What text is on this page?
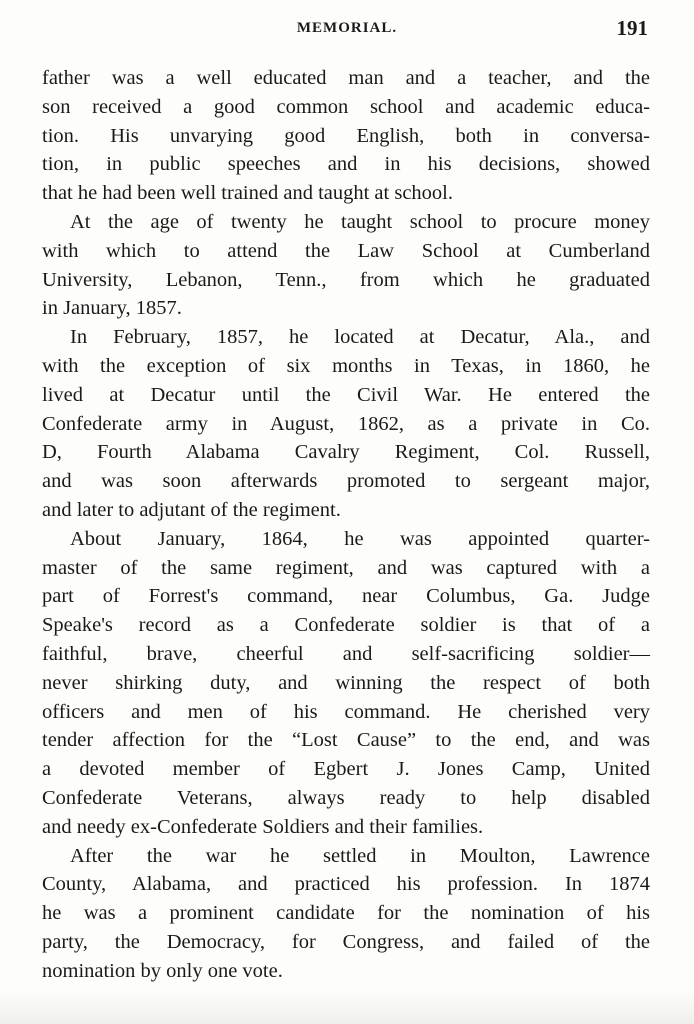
MEMORIAL.	191
father was a well educated man and a teacher, and the
son received a good common school and academic educa-
tion. His unvarying good English, both in conversa-
tion, in public speeches and in his decisions, showed
that he had been well trained and taught at school.
At the age of twenty he taught school to procure money
with which to attend the Law School at Cumberland
University, Lebanon, Tenn., from which he graduated
in January, 1857.
In February, 1857, he located at Decatur, Ala., and
with the exception of six months in Texas, in 1860, he
lived at Decatur until the Civil War. He entered the
Confederate army in August, 1862, as a private in Co.
D, Fourth Alabama Cavalry Regiment, Col. Russell,
and was soon afterwards promoted to sergeant major,
and later to adjutant of the regiment.
About January, 1864, he was appointed quarter-
master of the same regiment, and was captured with a
part of Forrest's command, near Columbus, Ga. Judge
Speake's record as a Confederate soldier is that of a
faithful, brave, cheerful and self-sacrificing soldier—
never shirking duty, and winning the respect of both
officers and men of his command. He cherished very
tender affection for the “Lost Cause” to the end, and was
a devoted member of Egbert J. Jones Camp, United
Confederate Veterans, always ready to help disabled
and needy ex-Confederate Soldiers and their families.
After the war he settled in Moulton, Lawrence
County, Alabama, and practiced his profession. In 1874
he was a prominent candidate for the nomination of his
party, the Democracy, for Congress, and failed of the
nomination by only one vote.
